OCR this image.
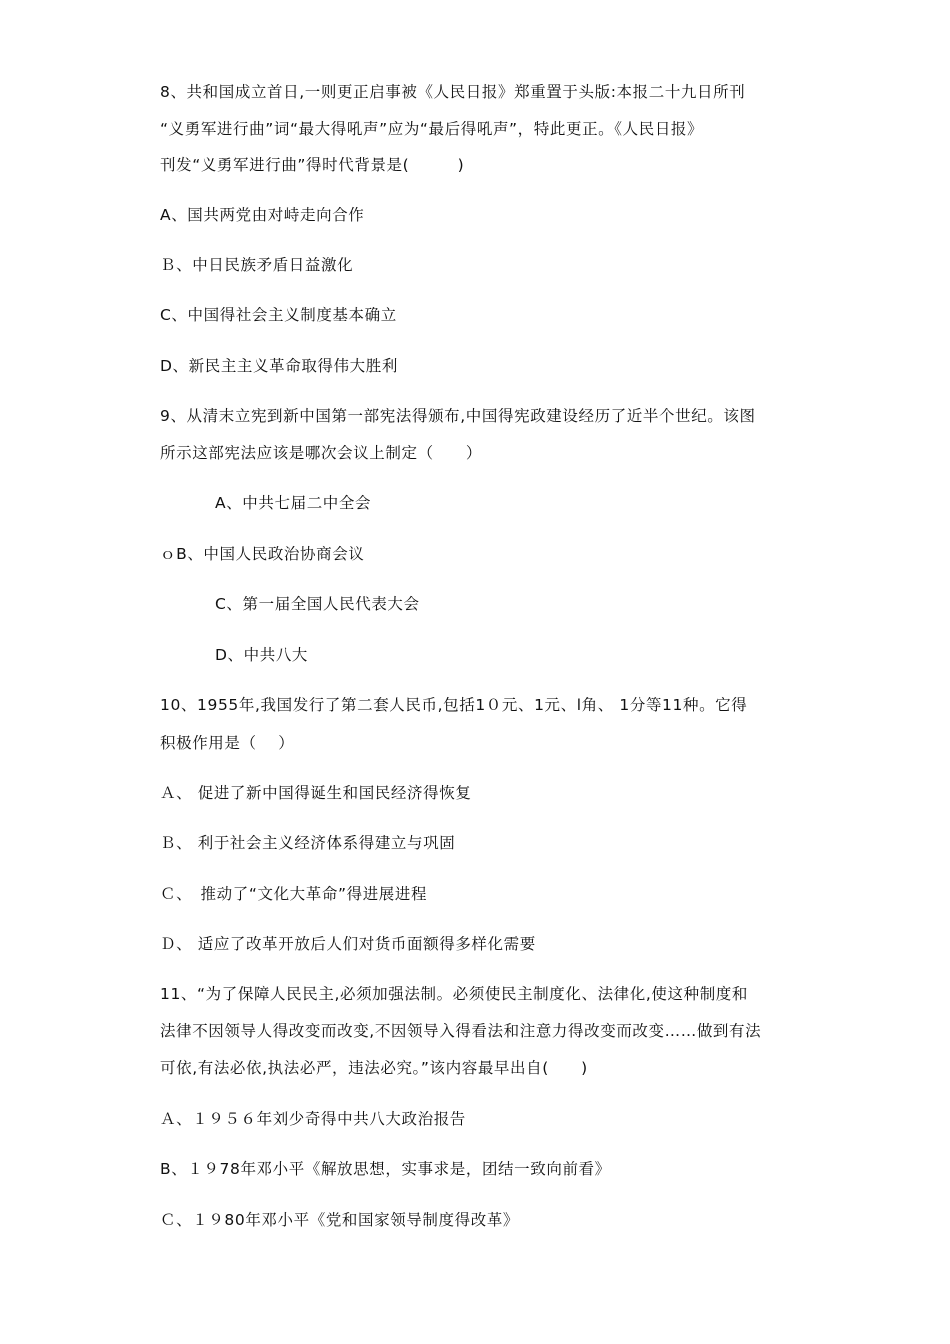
8、共和国成立首日,一则更正启事被《人民日报》郑重置于头版:本报二十九日所刊

“义勇军进行曲”词“最大得吼声”应为“最后得吼声”，特此更正。《人民日报》

刊发“义勇军进行曲”得时代背景是(　　　)

A、国共两党由对峙走向合作

Ｂ、中日民族矛盾日益激化

C、中国得社会主义制度基本确立

D、新民主主义革命取得伟大胜利

9、从清末立宪到新中国第一部宪法得颁布,中国得宪政建设经历了近半个世纪。该图

所示这部宪法应该是哪次会议上制定（　　）

A、中共七届二中全会

ｏB、中国人民政治协商会议

C、第一届全国人民代表大会

D、中共八大

10、1955年,我国发行了第二套人民币,包括1０元、1元、l角、 1分等11种。它得

积极作用是（　 ）

Ａ、 促进了新中国得诞生和国民经济得恢复

Ｂ、 利于社会主义经济体系得建立与巩固

Ｃ、　推动了“文化大革命”得进展进程

Ｄ、 适应了改革开放后人们对货币面额得多样化需要

11、“为了保障人民民主,必须加强法制。必须使民主制度化、法律化,使这种制度和

法律不因领导人得改变而改变,不因领导入得看法和注意力得改变而改变……做到有法

可依,有法必依,执法必严，违法必究。”该内容最早出自(　　)

Ａ、１９５６年刘少奇得中共八大政治报告

B、１９78年邓小平《解放思想，实事求是，团结一致向前看》

Ｃ、１９80年邓小平《党和国家领导制度得改革》
